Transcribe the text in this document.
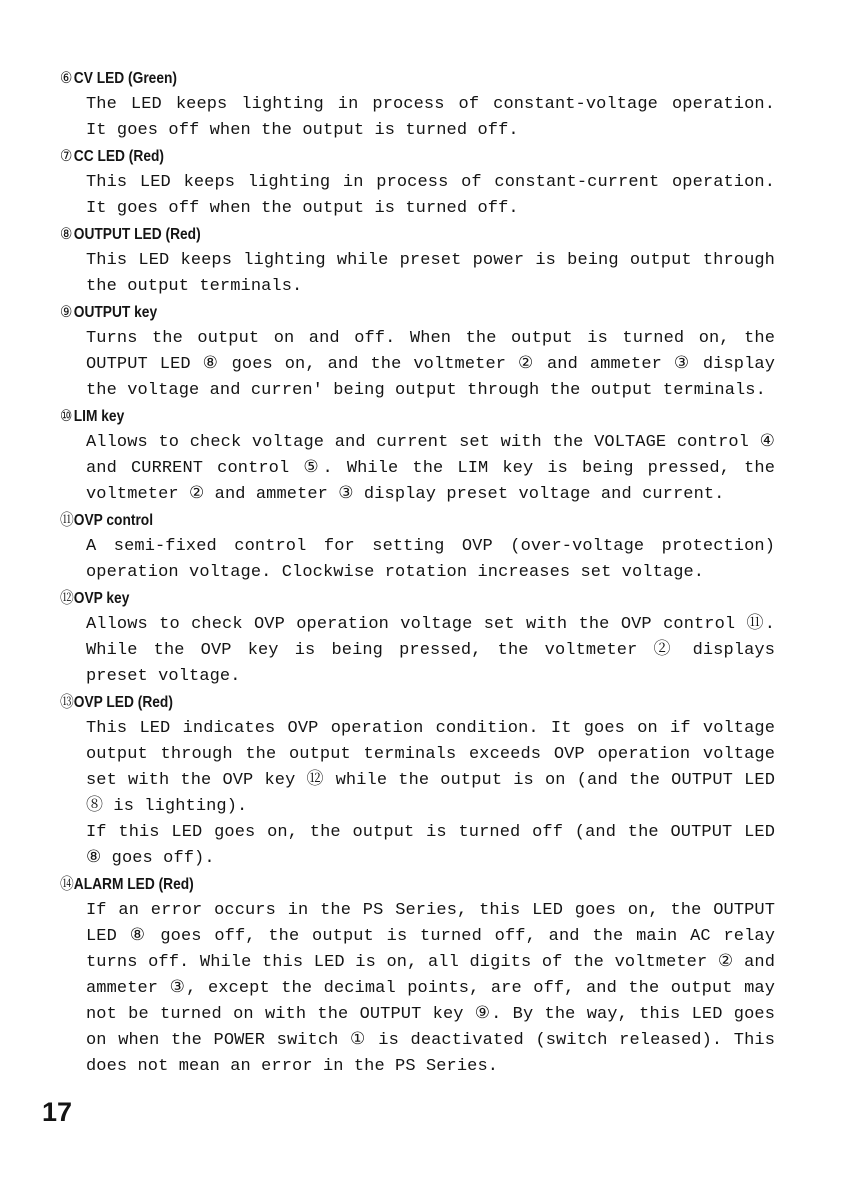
⑥CV LED (Green)

The LED keeps lighting in process of constant-voltage operation. It goes off when the output is turned off.

⑦CC LED (Red)

This LED keeps lighting in process of constant-current operation. It goes off when the output is turned off.

⑧OUTPUT LED (Red)

This LED keeps lighting while preset power is being output through the output terminals.

⑨OUTPUT key

Turns the output on and off. When the output is turned on, the OUTPUT LED ⑧ goes on, and the voltmeter ② and ammeter ③ display the voltage and curren' being output through the output terminals.

⑩LIM key

Allows to check voltage and current set with the VOLTAGE control ④ and CURRENT control ⑤. While the LIM key is being pressed, the voltmeter ② and ammeter ③ display preset voltage and current.

⑪OVP control

A semi-fixed control for setting OVP (over-voltage protection) operation voltage. Clockwise rotation increases set voltage.

⑫OVP key

Allows to check OVP operation voltage set with the OVP control ⑪. While the OVP key is being pressed, the voltmeter ② displays preset voltage.

⑬OVP LED (Red)

This LED indicates OVP operation condition. It goes on if voltage output through the output terminals exceeds OVP operation voltage set with the OVP key ⑫ while the output is on (and the OUTPUT LED ⑧ is lighting).

If this LED goes on, the output is turned off (and the OUTPUT LED ⑧ goes off).

⑭ALARM LED (Red)

If an error occurs in the PS Series, this LED goes on, the OUTPUT LED ⑧ goes off, the output is turned off, and the main AC relay turns off. While this LED is on, all digits of the voltmeter ② and ammeter ③, except the decimal points, are off, and the output may not be turned on with the OUTPUT key ⑨. By the way, this LED goes on when the POWER switch ① is deactivated (switch released). This does not mean an error in the PS Series.

17
